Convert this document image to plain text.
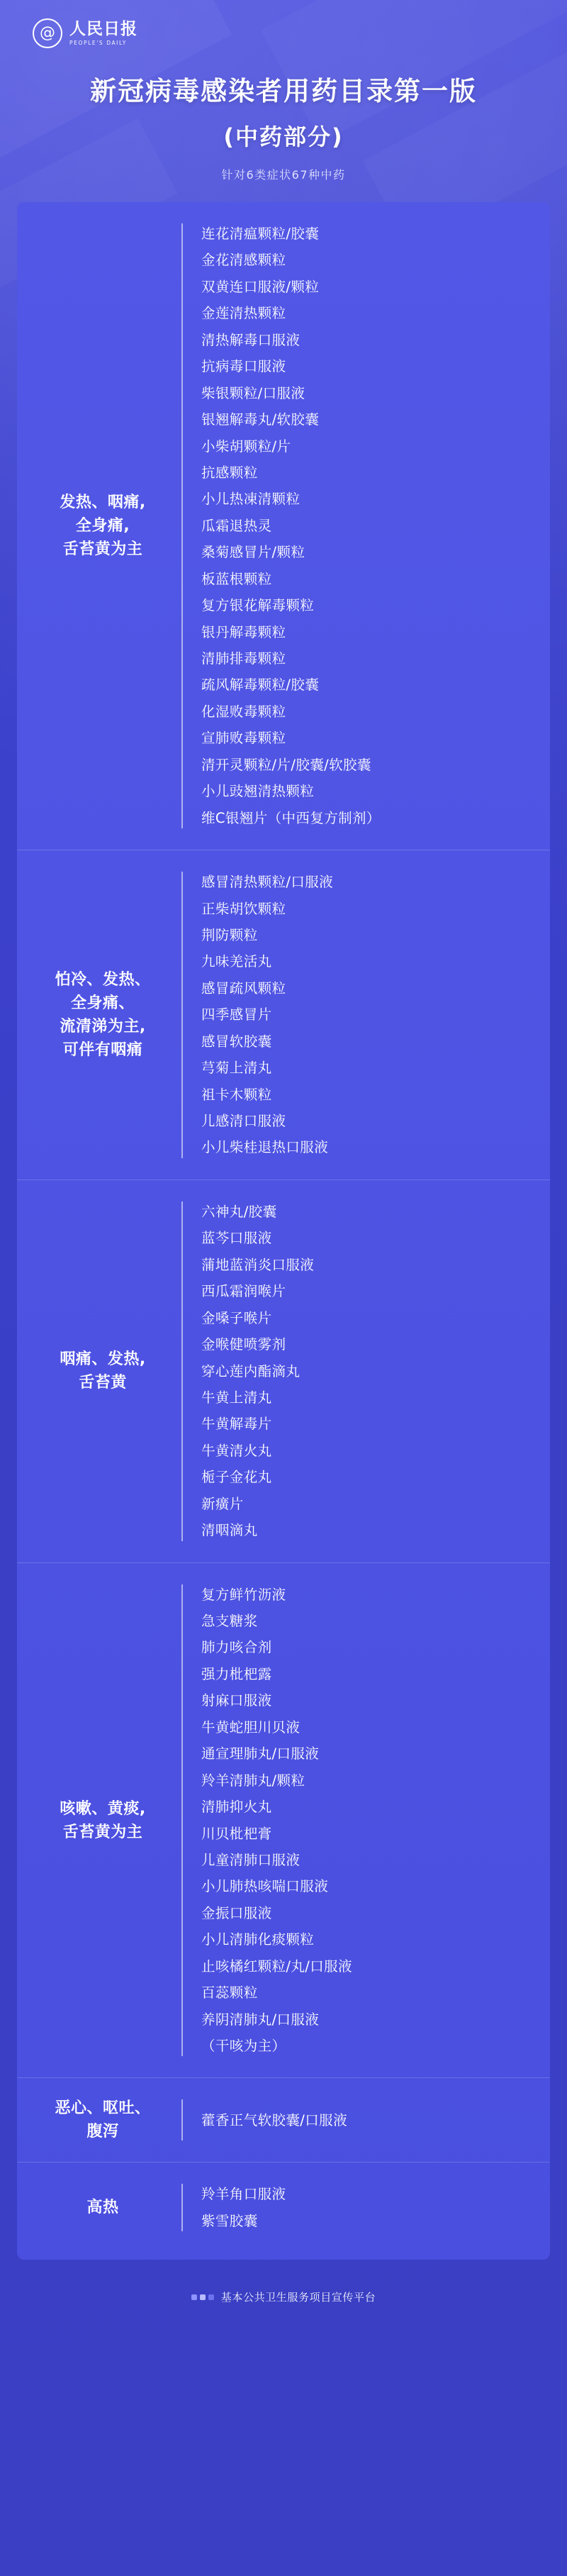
@ 人民日报
PEOPLE'S DAILY
新冠病毒感染者用药目录第一版
(中药部分)
针对6类症状67种中药
发热、咽痛,
全身痛,
舌苔黄为主
连花清瘟颗粒/胶囊
金花清感颗粒
双黄连口服液/颗粒
金莲清热颗粒
清热解毒口服液
抗病毒口服液
柴银颗粒/口服液
银翘解毒丸/软胶囊
小柴胡颗粒/片
抗感颗粒
小儿热凍清颗粒
瓜霜退热灵
桑菊感冒片/颗粒
板蓝根颗粒
复方银花解毒颗粒
银丹解毒颗粒
清肺排毒颗粒
疏风解毒颗粒/胶囊
化湿败毒颗粒
宣肺败毒颗粒
清开灵颗粒/片/胶囊/软胶囊
小儿豉翘清热颗粒
维C银翘片（中西复方制剂）
怕冷、发热、
全身痛、
流清涕为主,
可伴有咽痛
感冒清热颗粒/口服液
正柴胡饮颗粒
荆防颗粒
九味羌活丸
感冒疏风颗粒
四季感冒片
感冒软胶囊
芎菊上清丸
祖卡木颗粒
儿感清口服液
小儿柴桂退热口服液
咽痛、发热,
舌苔黄
六神丸/胶囊
蓝芩口服液
蒲地蓝消炎口服液
西瓜霜润喉片
金嗓子喉片
金喉健喷雾剂
穿心莲内酯滴丸
牛黄上清丸
牛黄解毒片
牛黄清火丸
栀子金花丸
新癀片
清咽滴丸
咳嗽、黄痰,
舌苔黄为主
复方鲜竹沥液
急支糖浆
肺力咳合剂
强力枇杷露
射麻口服液
牛黄蛇胆川贝液
通宣理肺丸/口服液
羚羊清肺丸/颗粒
清肺抑火丸
川贝枇杷膏
儿童清肺口服液
小儿肺热咳喘口服液
金振口服液
小儿清肺化痰颗粒
止咳橘红颗粒/丸/口服液
百蕊颗粒
养阴清肺丸/口服液
（干咳为主）
恶心、呕吐、
腹泻
藿香正气软胶囊/口服液
高热
羚羊角口服液
紫雪胶囊
基本公共卫生服务项目宣传平台
